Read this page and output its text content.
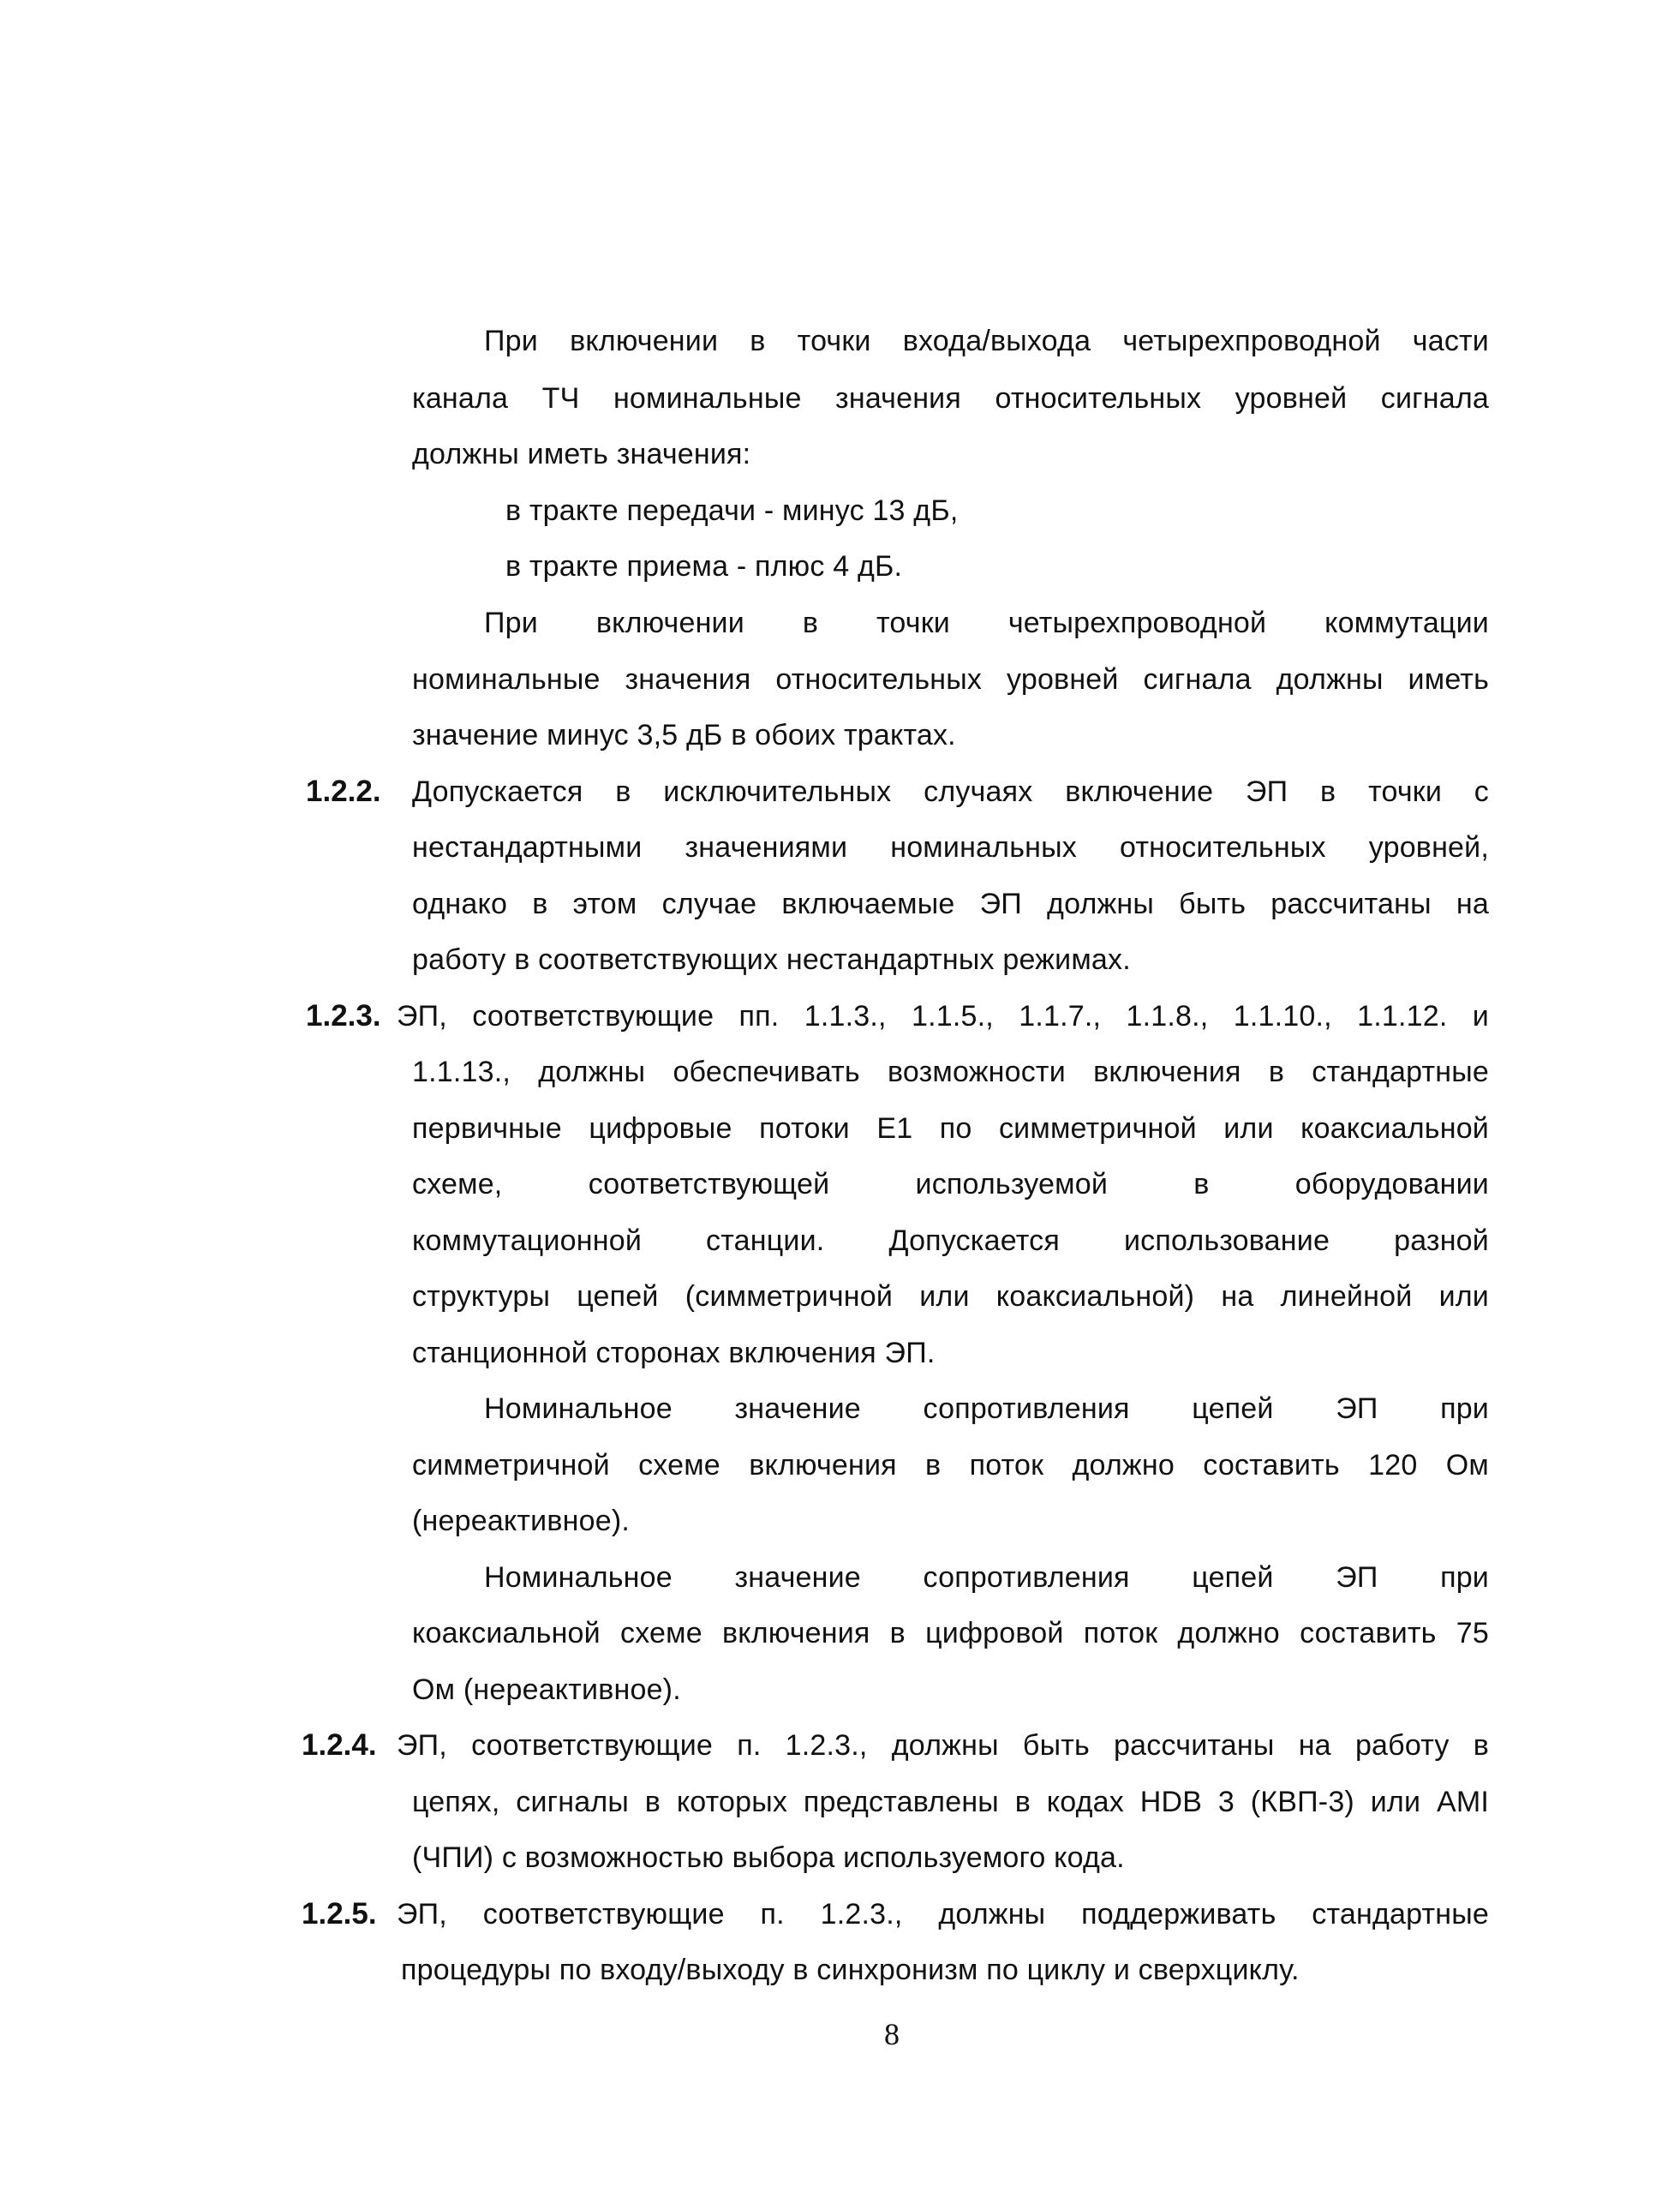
При включении в точки входа/выхода четырехпроводной части
канала ТЧ номинальные значения относительных уровней сигнала
должны иметь значения:
в тракте передачи - минус 13 дБ,
в тракте приема - плюс 4 дБ.
При включении в точки четырехпроводной коммутации
номинальные значения относительных уровней сигнала должны иметь
значение минус 3,5 дБ в обоих трактах.
1.2.2. Допускается в исключительных случаях включение ЭП в точки с
нестандартными значениями номинальных относительных уровней,
однако в этом случае включаемые ЭП должны быть рассчитаны на
работу в соответствующих нестандартных режимах.
1.2.3. ЭП, соответствующие пп. 1.1.3., 1.1.5., 1.1.7., 1.1.8., 1.1.10., 1.1.12. и
1.1.13., должны обеспечивать возможности включения в стандартные
первичные цифровые потоки Е1 по симметричной или коаксиальной
схеме, соответствующей используемой в оборудовании
коммутационной станции. Допускается использование разной
структуры цепей (симметричной или коаксиальной) на линейной или
станционной сторонах включения ЭП.
Номинальное значение сопротивления цепей ЭП при
симметричной схеме включения в поток должно составить 120 Ом
(нереактивное).
Номинальное значение сопротивления цепей ЭП при
коаксиальной схеме включения в цифровой поток должно составить 75
Ом (нереактивное).
1.2.4. ЭП, соответствующие п. 1.2.3., должны быть рассчитаны на работу в
цепях, сигналы в которых представлены в кодах HDB 3 (КВП-3) или AMI
(ЧПИ) с возможностью выбора используемого кода.
1.2.5. ЭП, соответствующие п. 1.2.3., должны поддерживать стандартные
процедуры по входу/выходу в синхронизм по циклу и сверхциклу.
8
